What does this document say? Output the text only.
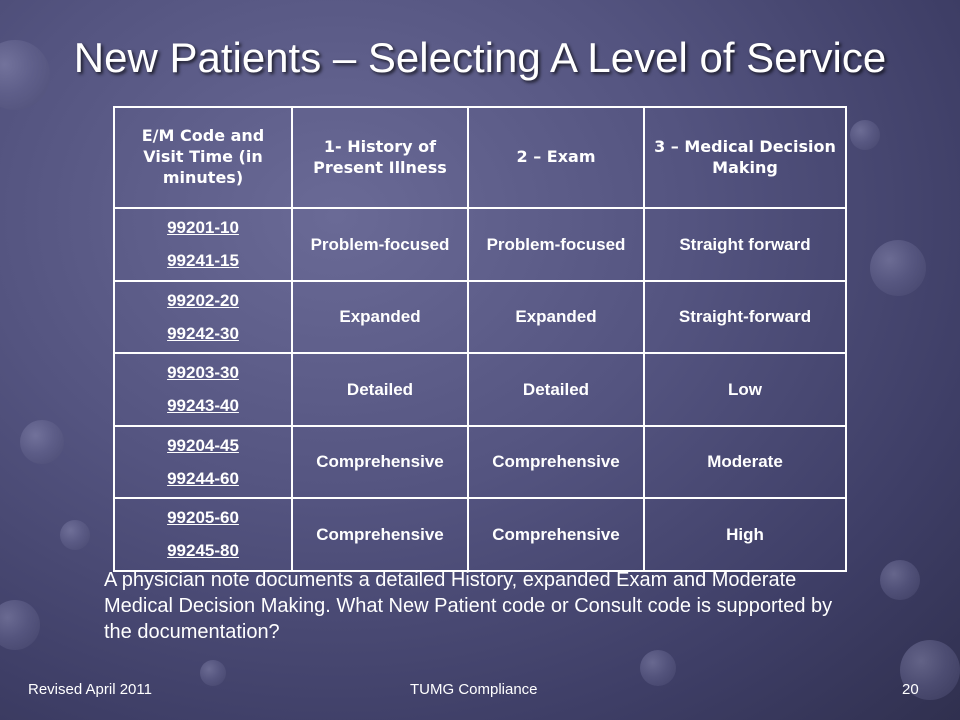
New Patients – Selecting A Level of Service
E/M Code and Visit Time (in minutes)	1- History of Present Illness	2 – Exam	3 – Medical Decision Making

99201-10
99241-15	Problem-focused	Problem-focused	Straight forward

99202-20
99242-30	Expanded	Expanded	Straight-forward

99203-30
99243-40	Detailed	Detailed	Low

99204-45
99244-60	Comprehensive	Comprehensive	Moderate

99205-60
99245-80	Comprehensive	Comprehensive	High
A physician note documents a detailed History, expanded Exam and Moderate Medical Decision Making. What New Patient code or Consult code is supported by the documentation?
Revised April 2011	TUMG Compliance	20
